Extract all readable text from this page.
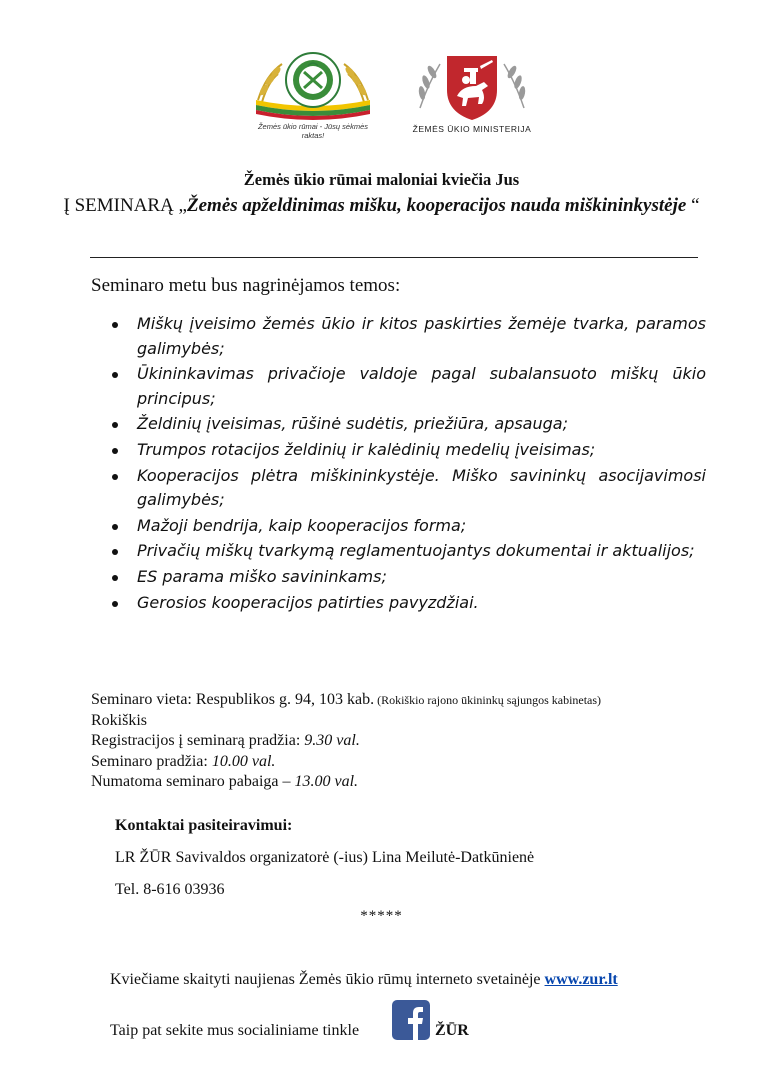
Žemės ūkio rūmai - Jūsų sėkmės raktas!
ŽEMĖS ŪKIO MINISTERIJA
Žemės ūkio rūmai maloniai kviečia Jus
Į SEMINARĄ „Žemės apželdinimas mišku, kooperacijos nauda miškininkystėje “
Seminaro metu bus nagrinėjamos temos:
Miškų įveisimo žemės ūkio ir kitos paskirties žemėje tvarka, paramos galimybės;
Ūkininkavimas privačioje valdoje pagal subalansuoto miškų ūkio principus;
Želdinių įveisimas, rūšinė sudėtis, priežiūra, apsauga;
Trumpos rotacijos želdinių ir kalėdinių medelių įveisimas;
Kooperacijos plėtra miškininkystėje. Miško savininkų asocijavimosi galimybės;
Mažoji bendrija, kaip kooperacijos forma;
Privačių miškų tvarkymą reglamentuojantys dokumentai ir aktualijos;
ES parama miško savininkams;
Gerosios kooperacijos patirties pavyzdžiai.
Seminaro vieta: Respublikos g. 94, 103 kab. (Rokiškio rajono ūkininkų sąjungos kabinetas)
Rokiškis
Registracijos į seminarą pradžia: 9.30 val.
Seminaro pradžia: 10.00 val.
Numatoma seminaro pabaiga – 13.00 val.
Kontaktai pasiteiravimui:
LR ŽŪR Savivaldos organizatorė (-ius) Lina Meilutė-Datkūnienė
Tel. 8-616 03936
*****
Kviečiame skaityti naujienas Žemės ūkio rūmų interneto svetainėje www.zur.lt
Taip pat sekite mus socialiniame tinkle	ŽŪR
